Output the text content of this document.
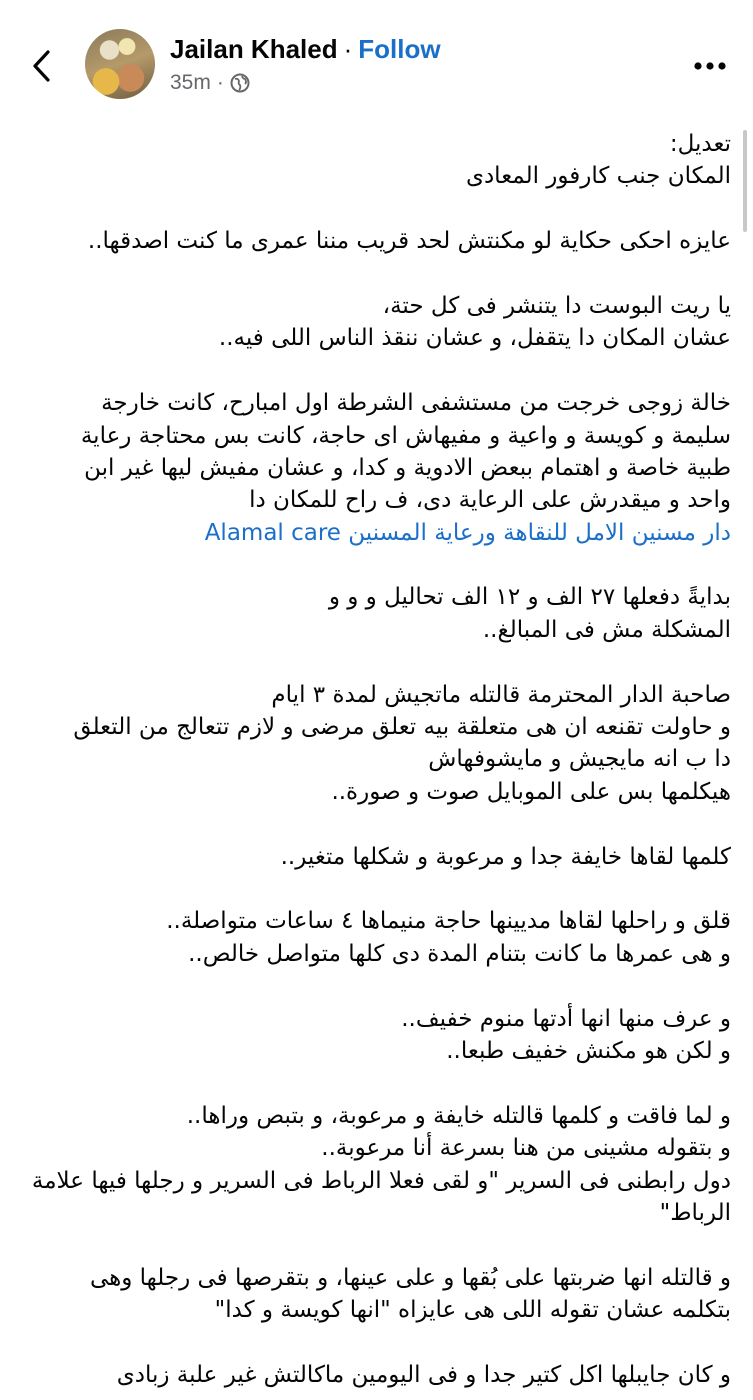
Jailan Khaled · Follow
35m ·
تعديل:
المكان جنب كارفور المعادى
عايزه احكى حكاية لو مكنتش لحد قريب مننا عمرى ما كنت اصدقها..
يا ريت البوست دا يتنشر فى كل حتة،
عشان المكان دا يتقفل، و عشان ننقذ الناس اللى فيه..
خالة زوجى خرجت من مستشفى الشرطة اول امبارح، كانت خارجة
سليمة و كويسة و واعية و مفيهاش اى حاجة، كانت بس محتاجة رعاية
طبية خاصة و اهتمام ببعض الادوية و كدا، و عشان مفيش ليها غير ابن
واحد و ميقدرش على الرعاية دى، ف راح للمكان دا
دار مسنين الامل للنقاهة ورعاية المسنين Alamal care
بدايةً دفعلها ٢٧ الف و ١٢ الف تحاليل و و و
المشكلة مش فى المبالغ..
صاحبة الدار المحترمة قالتله ماتجيش لمدة ٣ ايام
و حاولت تقنعه ان هى متعلقة بيه تعلق مرضى و لازم تتعالج من التعلق
دا ب انه مايجيش و مايشوفهاش
هيكلمها بس على الموبايل صوت و صورة..
كلمها لقاها خايفة جدا و مرعوبة و شكلها متغير..
قلق و راحلها لقاها مديينها حاجة منيماها ٤ ساعات متواصلة..
و هى عمرها ما كانت بتنام المدة دى كلها متواصل خالص..
و عرف منها انها أدتها منوم خفيف..
و لكن هو مكنش خفيف طبعا..
و لما فاقت و كلمها قالتله خايفة و مرعوبة، و بتبص وراها..
و بتقوله مشينى من هنا بسرعة أنا مرعوبة..
دول رابطنى فى السرير "و لقى فعلا الرباط فى السرير و رجلها فيها علامة
الرباط"
و قالتله انها ضربتها على بُقها و على عينها، و بتقرصها فى رجلها وهى
بتكلمه عشان تقوله اللى هى عايزاه "انها كويسة و كدا"
و كان جايبلها اكل كتير جدا و فى اليومين ماكالتش غير علبة زبادى
